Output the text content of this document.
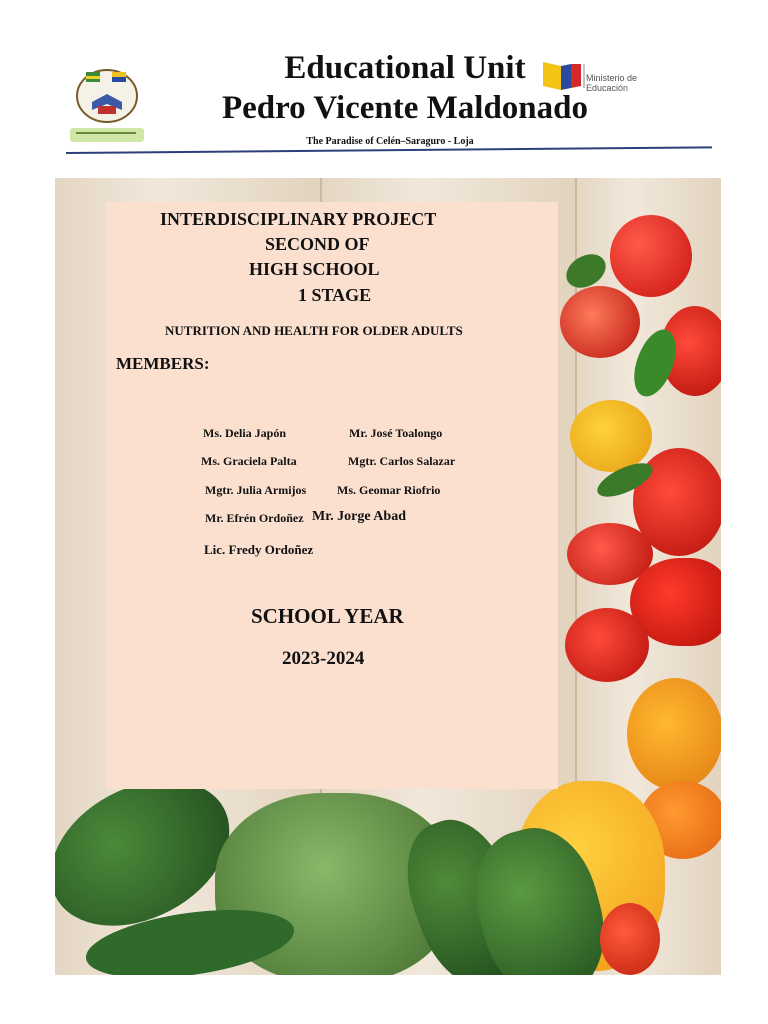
Educational Unit
Pedro Vicente Maldonado
The Paradise of Celén–Saraguro - Loja
Ministerio de Educación
INTERDISCIPLINARY PROJECT
SECOND OF
HIGH SCHOOL
1 STAGE
NUTRITION AND HEALTH FOR OLDER ADULTS
MEMBERS:
Ms. Delia Japón	Mr. José Toalongo
Ms. Graciela Palta	Mgtr. Carlos Salazar
Mgtr. Julia Armijos	Ms. Geomar Riofrio
Mr. Efrén Ordoñez Mr. Jorge Abad
Lic. Fredy Ordoñez
SCHOOL YEAR
2023-2024
